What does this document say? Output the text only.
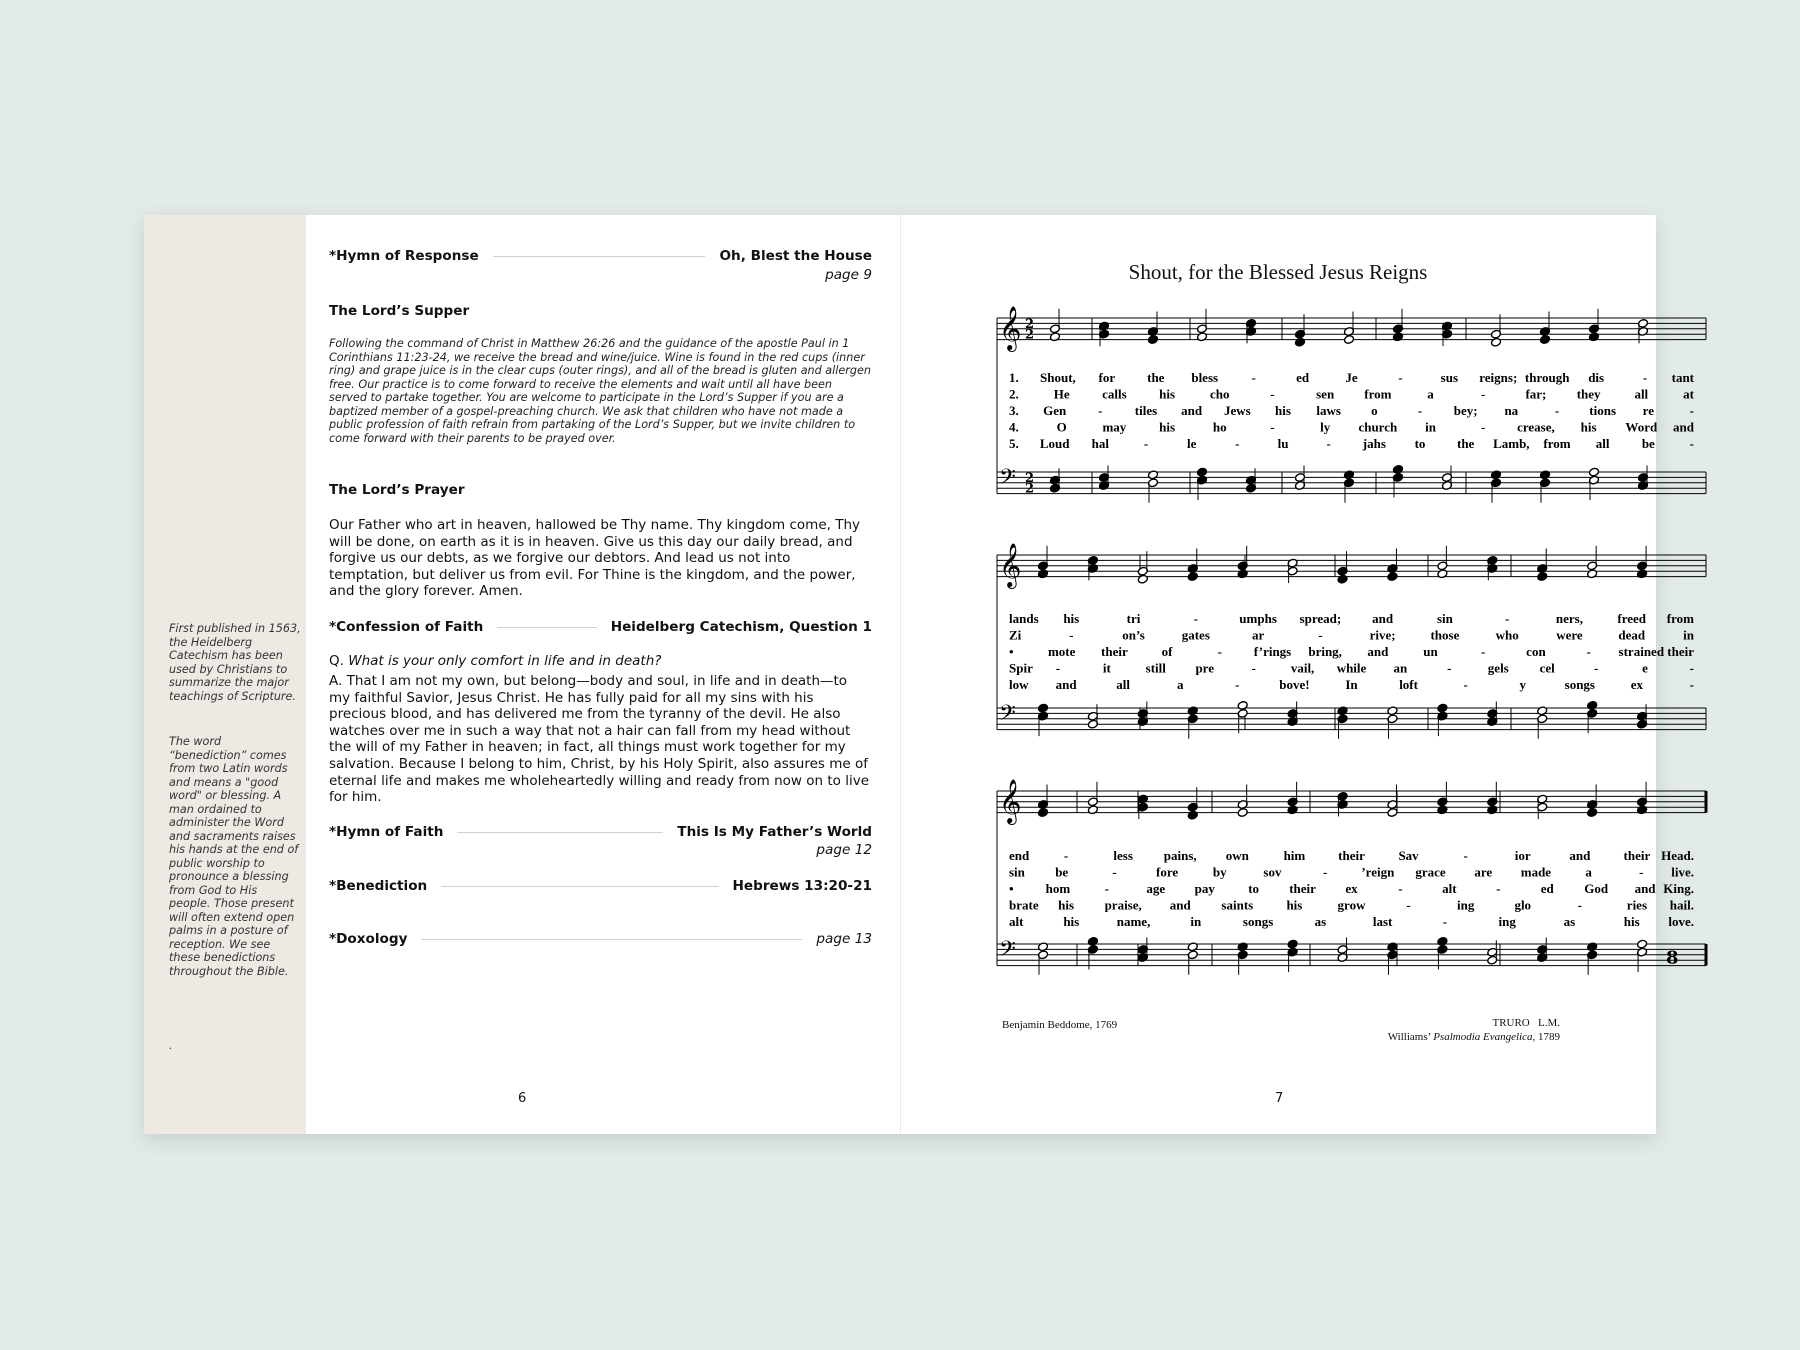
First published in 1563, the Heidelberg Catechism has been used by Christians to summarize the major teachings of Scripture.
The word “benediction” comes from two Latin words and means a "good word" or blessing. A man ordained to administer the Word and sacraments raises his hands at the end of public worship to pronounce a blessing from God to His people. Those present will often extend open palms in a posture of reception. We see these benedictions throughout the Bible.
.
*Hymn of Response	Oh, Blest the House
page 9
The Lord’s Supper
Following the command of Christ in Matthew 26:26 and the guidance of the apostle Paul in 1 Corinthians 11:23-24, we receive the bread and wine/juice. Wine is found in the red cups (inner ring) and grape juice is in the clear cups (outer rings), and all of the bread is gluten and allergen free. Our practice is to come forward to receive the elements and wait until all have been served to partake together. You are welcome to participate in the Lord’s Supper if you are a baptized member of a gospel-preaching church. We ask that children who have not made a public profession of faith refrain from partaking of the Lord’s Supper, but we invite children to come forward with their parents to be prayed over.
The Lord’s Prayer
Our Father who art in heaven, hallowed be Thy name. Thy kingdom come, Thy will be done, on earth as it is in heaven. Give us this day our daily bread, and forgive us our debts, as we forgive our debtors. And lead us not into temptation, but deliver us from evil. For Thine is the kingdom, and the power, and the glory forever. Amen.
*Confession of Faith	Heidelberg Catechism, Question 1
Q. What is your only comfort in life and in death?
A. That I am not my own, but belong—body and soul, in life and in death—to my faithful Savior, Jesus Christ. He has fully paid for all my sins with his precious blood, and has delivered me from the tyranny of the devil. He also watches over me in such a way that not a hair can fall from my head without the will of my Father in heaven; in fact, all things must work together for my salvation. Because I belong to him, Christ, by his Holy Spirit, also assures me of eternal life and makes me wholeheartedly willing and ready from now on to live for him.
*Hymn of Faith	This Is My Father’s World
page 12
*Benediction	Hebrews 13:20-21
*Doxology	page 13
6
Shout, for the Blessed Jesus Reigns
𝄞
𝄢
2
2
2
2
1. Shout, for the bless	-	ed	Je	-	sus reigns; through dis	- tant
2.	He calls his	cho	-	sen from	a	-	far; they	all	at
3. Gen - tiles and Jews his laws o	- bey; na	- tions re	-
4.	O	may	his	ho	-	ly church in	- crease, his Word and
5. Loud hal	-	le	-	lu	- jahs to the Lamb, from all be	-
𝄞
𝄢
lands his	tri	-	umphs spread; and	sin	-	ners,	freed from
Zi	-	on’s	gates	ar	-	rive;	those	who	were	dead	in
•	mote their	of	- f’rings bring, and	un	-	con	- strained their
Spir -	it	still pre	-	vail, while an	-	gels cel	-	e	-
low and	all	a	-	bove!	In	loft	-	y	songs	ex	-
𝄞
𝄢
end	-	less pains, own	him	their	Sav	-	ior	and	their Head.
sin be	-	fore	by	sov	-	’reign grace are made	a	- live.
• hom	-	age pay	to their ex	-	alt	-	ed God and King.
brate his praise, and saints	his	grow	-	ing	glo	-	ries hail.
alt	his	name,	in	songs	as	last	-	ing	as	his love.
8
Benjamin Beddome, 1769	TRURO   L.M.
Williams’ Psalmodia Evangelica, 1789
7
